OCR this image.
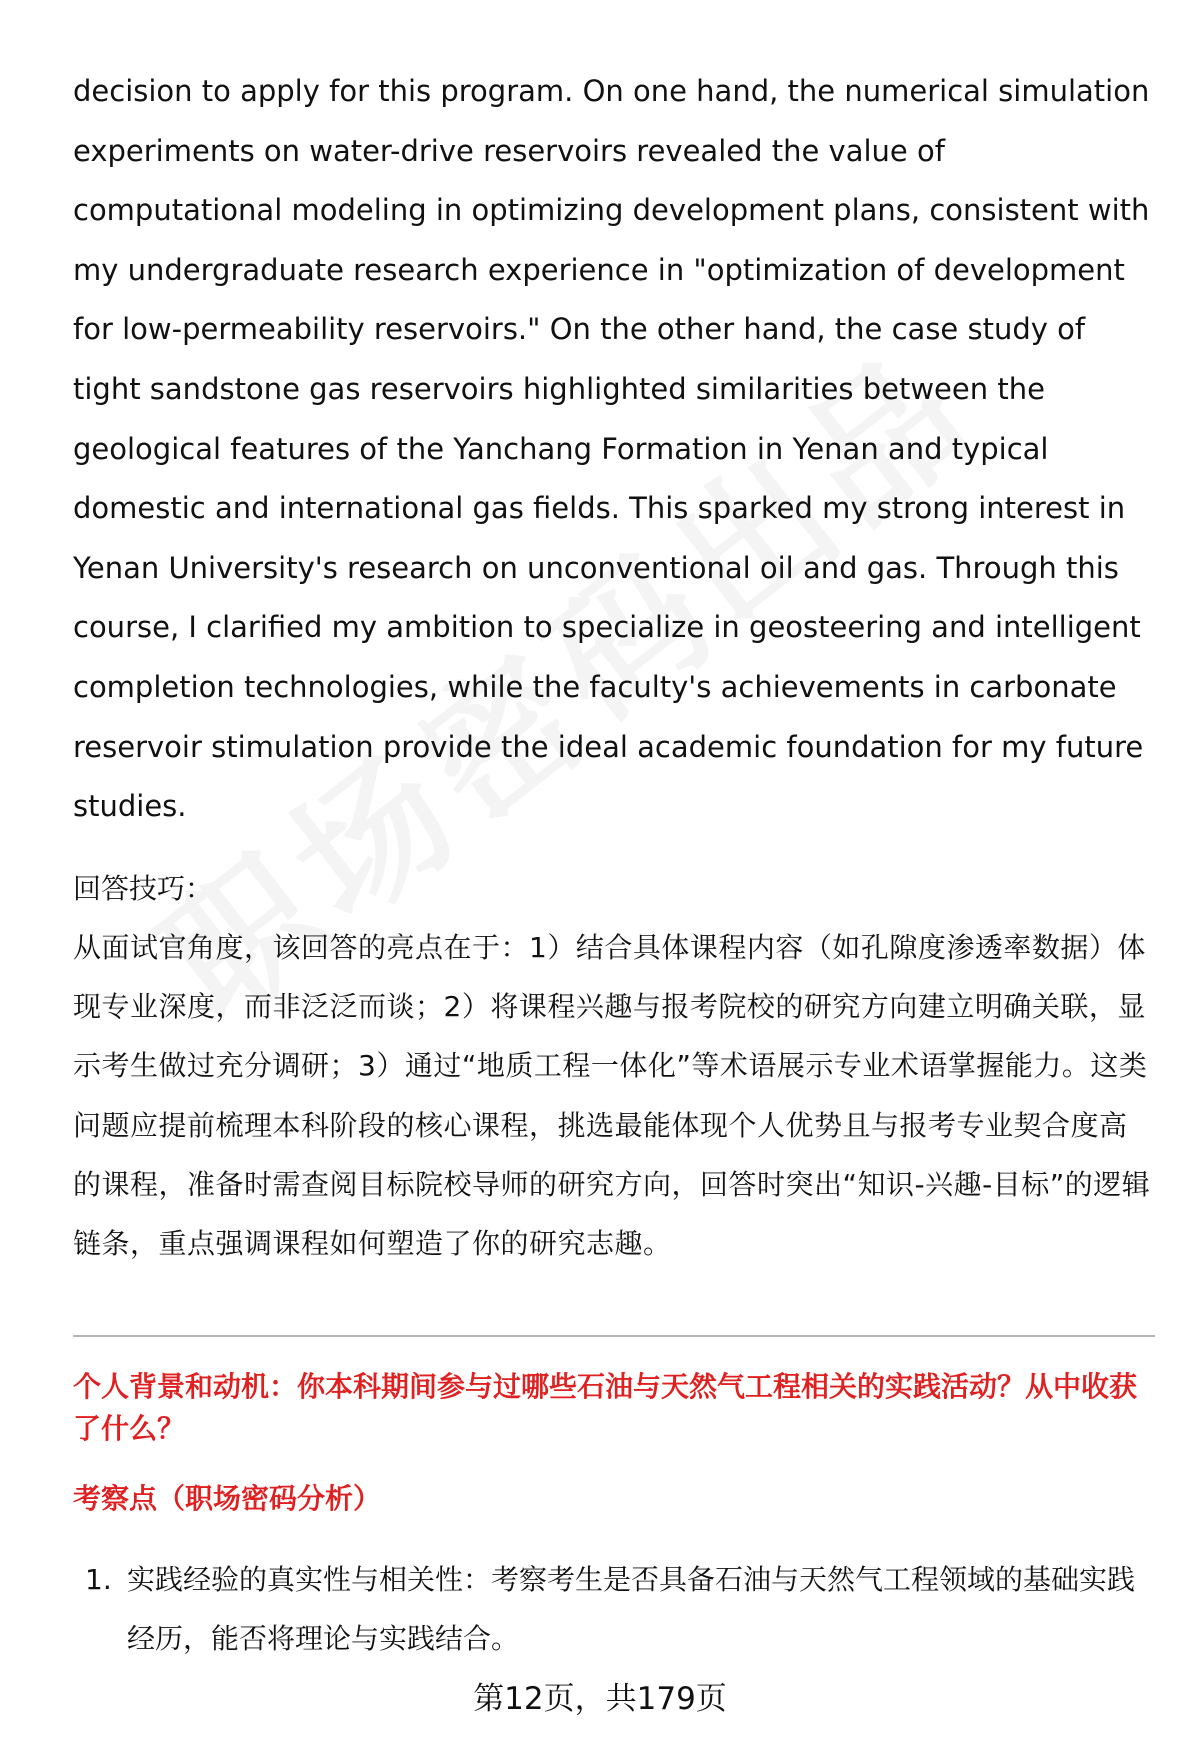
decision to apply for this program. On one hand, the numerical simulation experiments on water-drive reservoirs revealed the value of computational modeling in optimizing development plans, consistent with my undergraduate research experience in "optimization of development for low-permeability reservoirs." On the other hand, the case study of tight sandstone gas reservoirs highlighted similarities between the geological features of the Yanchang Formation in Yenan and typical domestic and international gas fields. This sparked my strong interest in Yenan University's research on unconventional oil and gas. Through this course, I clarified my ambition to specialize in geosteering and intelligent completion technologies, while the faculty's achievements in carbonate reservoir stimulation provide the ideal academic foundation for my future studies.

回答技巧：

从面试官角度，该回答的亮点在于：1）结合具体课程内容（如孔隙度渗透率数据）体现专业深度，而非泛泛而谈；2）将课程兴趣与报考院校的研究方向建立明确关联，显示考生做过充分调研；3）通过“地质工程一体化”等术语展示专业术语掌握能力。这类问题应提前梳理本科阶段的核心课程，挑选最能体现个人优势且与报考专业契合度高的课程，准备时需查阅目标院校导师的研究方向，回答时突出“知识-兴趣-目标”的逻辑链条，重点强调课程如何塑造了你的研究志趣。

个人背景和动机：你本科期间参与过哪些石油与天然气工程相关的实践活动？从中收获了什么？

考察点（职场密码分析）

1. 实践经验的真实性与相关性：考察考生是否具备石油与天然气工程领域的基础实践经历，能否将理论与实践结合。
第12页，共179页
